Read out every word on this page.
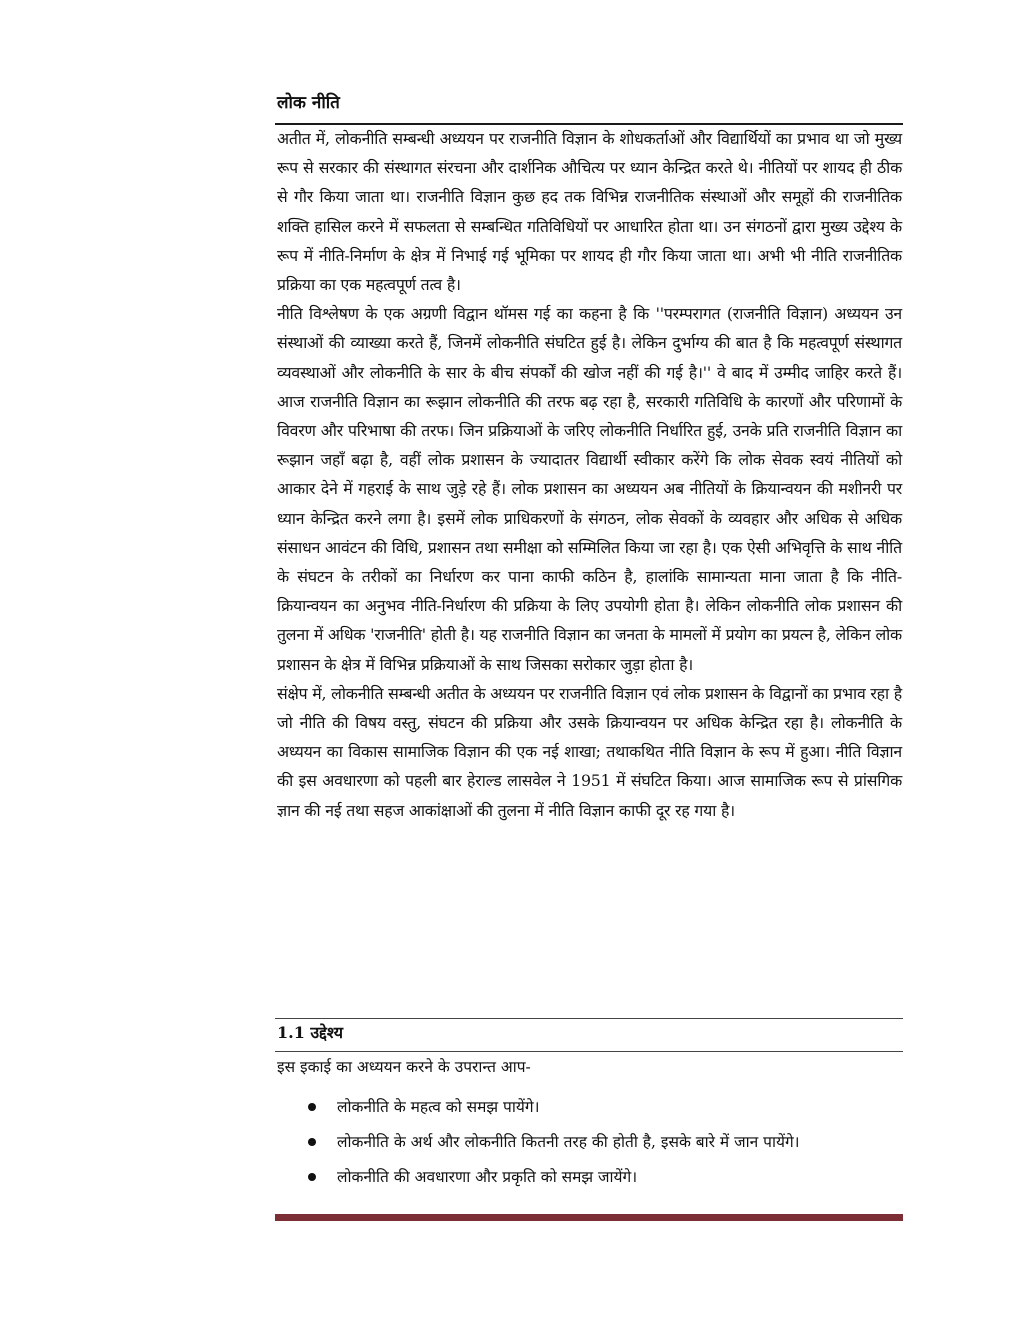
लोक नीति

अतीत में, लोकनीति सम्बन्धी अध्ययन पर राजनीति विज्ञान के शोधकर्ताओं और विद्यार्थियों का प्रभाव था जो मुख्य रूप से सरकार की संस्थागत संरचना और दार्शनिक औचित्य पर ध्यान केन्द्रित करते थे। नीतियों पर शायद ही ठीक से गौर किया जाता था। राजनीति विज्ञान कुछ हद तक विभिन्न राजनीतिक संस्थाओं और समूहों की राजनीतिक शक्ति हासिल करने में सफलता से सम्बन्धित गतिविधियों पर आधारित होता था। उन संगठनों द्वारा मुख्य उद्देश्य के रूप में नीति-निर्माण के क्षेत्र में निभाई गई भूमिका पर शायद ही गौर किया जाता था। अभी भी नीति राजनीतिक प्रक्रिया का एक महत्वपूर्ण तत्व है।

नीति विश्लेषण के एक अग्रणी विद्वान थॉमस गई का कहना है कि ''परम्परागत (राजनीति विज्ञान) अध्ययन उन संस्थाओं की व्याख्या करते हैं, जिनमें लोकनीति संघटित हुई है। लेकिन दुर्भाग्य की बात है कि महत्वपूर्ण संस्थागत व्यवस्थाओं और लोकनीति के सार के बीच संपर्कों की खोज नहीं की गई है।'' वे बाद में उम्मीद जाहिर करते हैं। आज राजनीति विज्ञान का रूझान लोकनीति की तरफ बढ़ रहा है, सरकारी गतिविधि के कारणों और परिणामों के विवरण और परिभाषा की तरफ। जिन प्रक्रियाओं के जरिए लोकनीति निर्धारित हुई, उनके प्रति राजनीति विज्ञान का रूझान जहाँ बढ़ा है, वहीं लोक प्रशासन के ज्यादातर विद्यार्थी स्वीकार करेंगे कि लोक सेवक स्वयं नीतियों को आकार देने में गहराई के साथ जुड़े रहे हैं। लोक प्रशासन का अध्ययन अब नीतियों के क्रियान्वयन की मशीनरी पर ध्यान केन्द्रित करने लगा है। इसमें लोक प्राधिकरणों के संगठन, लोक सेवकों के व्यवहार और अधिक से अधिक संसाधन आवंटन की विधि, प्रशासन तथा समीक्षा को सम्मिलित किया जा रहा है। एक ऐसी अभिवृत्ति के साथ नीति के संघटन के तरीकों का निर्धारण कर पाना काफी कठिन है, हालांकि सामान्यता माना जाता है कि नीति-क्रियान्वयन का अनुभव नीति-निर्धारण की प्रक्रिया के लिए उपयोगी होता है। लेकिन लोकनीति लोक प्रशासन की तुलना में अधिक 'राजनीति' होती है। यह राजनीति विज्ञान का जनता के मामलों में प्रयोग का प्रयत्न है, लेकिन लोक प्रशासन के क्षेत्र में विभिन्न प्रक्रियाओं के साथ जिसका सरोकार जुड़ा होता है।

संक्षेप में, लोकनीति सम्बन्धी अतीत के अध्ययन पर राजनीति विज्ञान एवं लोक प्रशासन के विद्वानों का प्रभाव रहा है जो नीति की विषय वस्तु, संघटन की प्रक्रिया और उसके क्रियान्वयन पर अधिक केन्द्रित रहा है। लोकनीति के अध्ययन का विकास सामाजिक विज्ञान की एक नई शाखा; तथाकथित नीति विज्ञान के रूप में हुआ। नीति विज्ञान की इस अवधारणा को पहली बार हेराल्ड लासवेल ने 1951 में संघटित किया। आज सामाजिक रूप से प्रांसगिक ज्ञान की नई तथा सहज आकांक्षाओं की तुलना में नीति विज्ञान काफी दूर रह गया है।

1.1 उद्देश्य
इस इकाई का अध्ययन करने के उपरान्त आप-
लोकनीति के महत्व को समझ पायेंगे।
लोकनीति के अर्थ और लोकनीति कितनी तरह की होती है, इसके बारे में जान पायेंगे।
लोकनीति की अवधारणा और प्रकृति को समझ जायेंगे।
